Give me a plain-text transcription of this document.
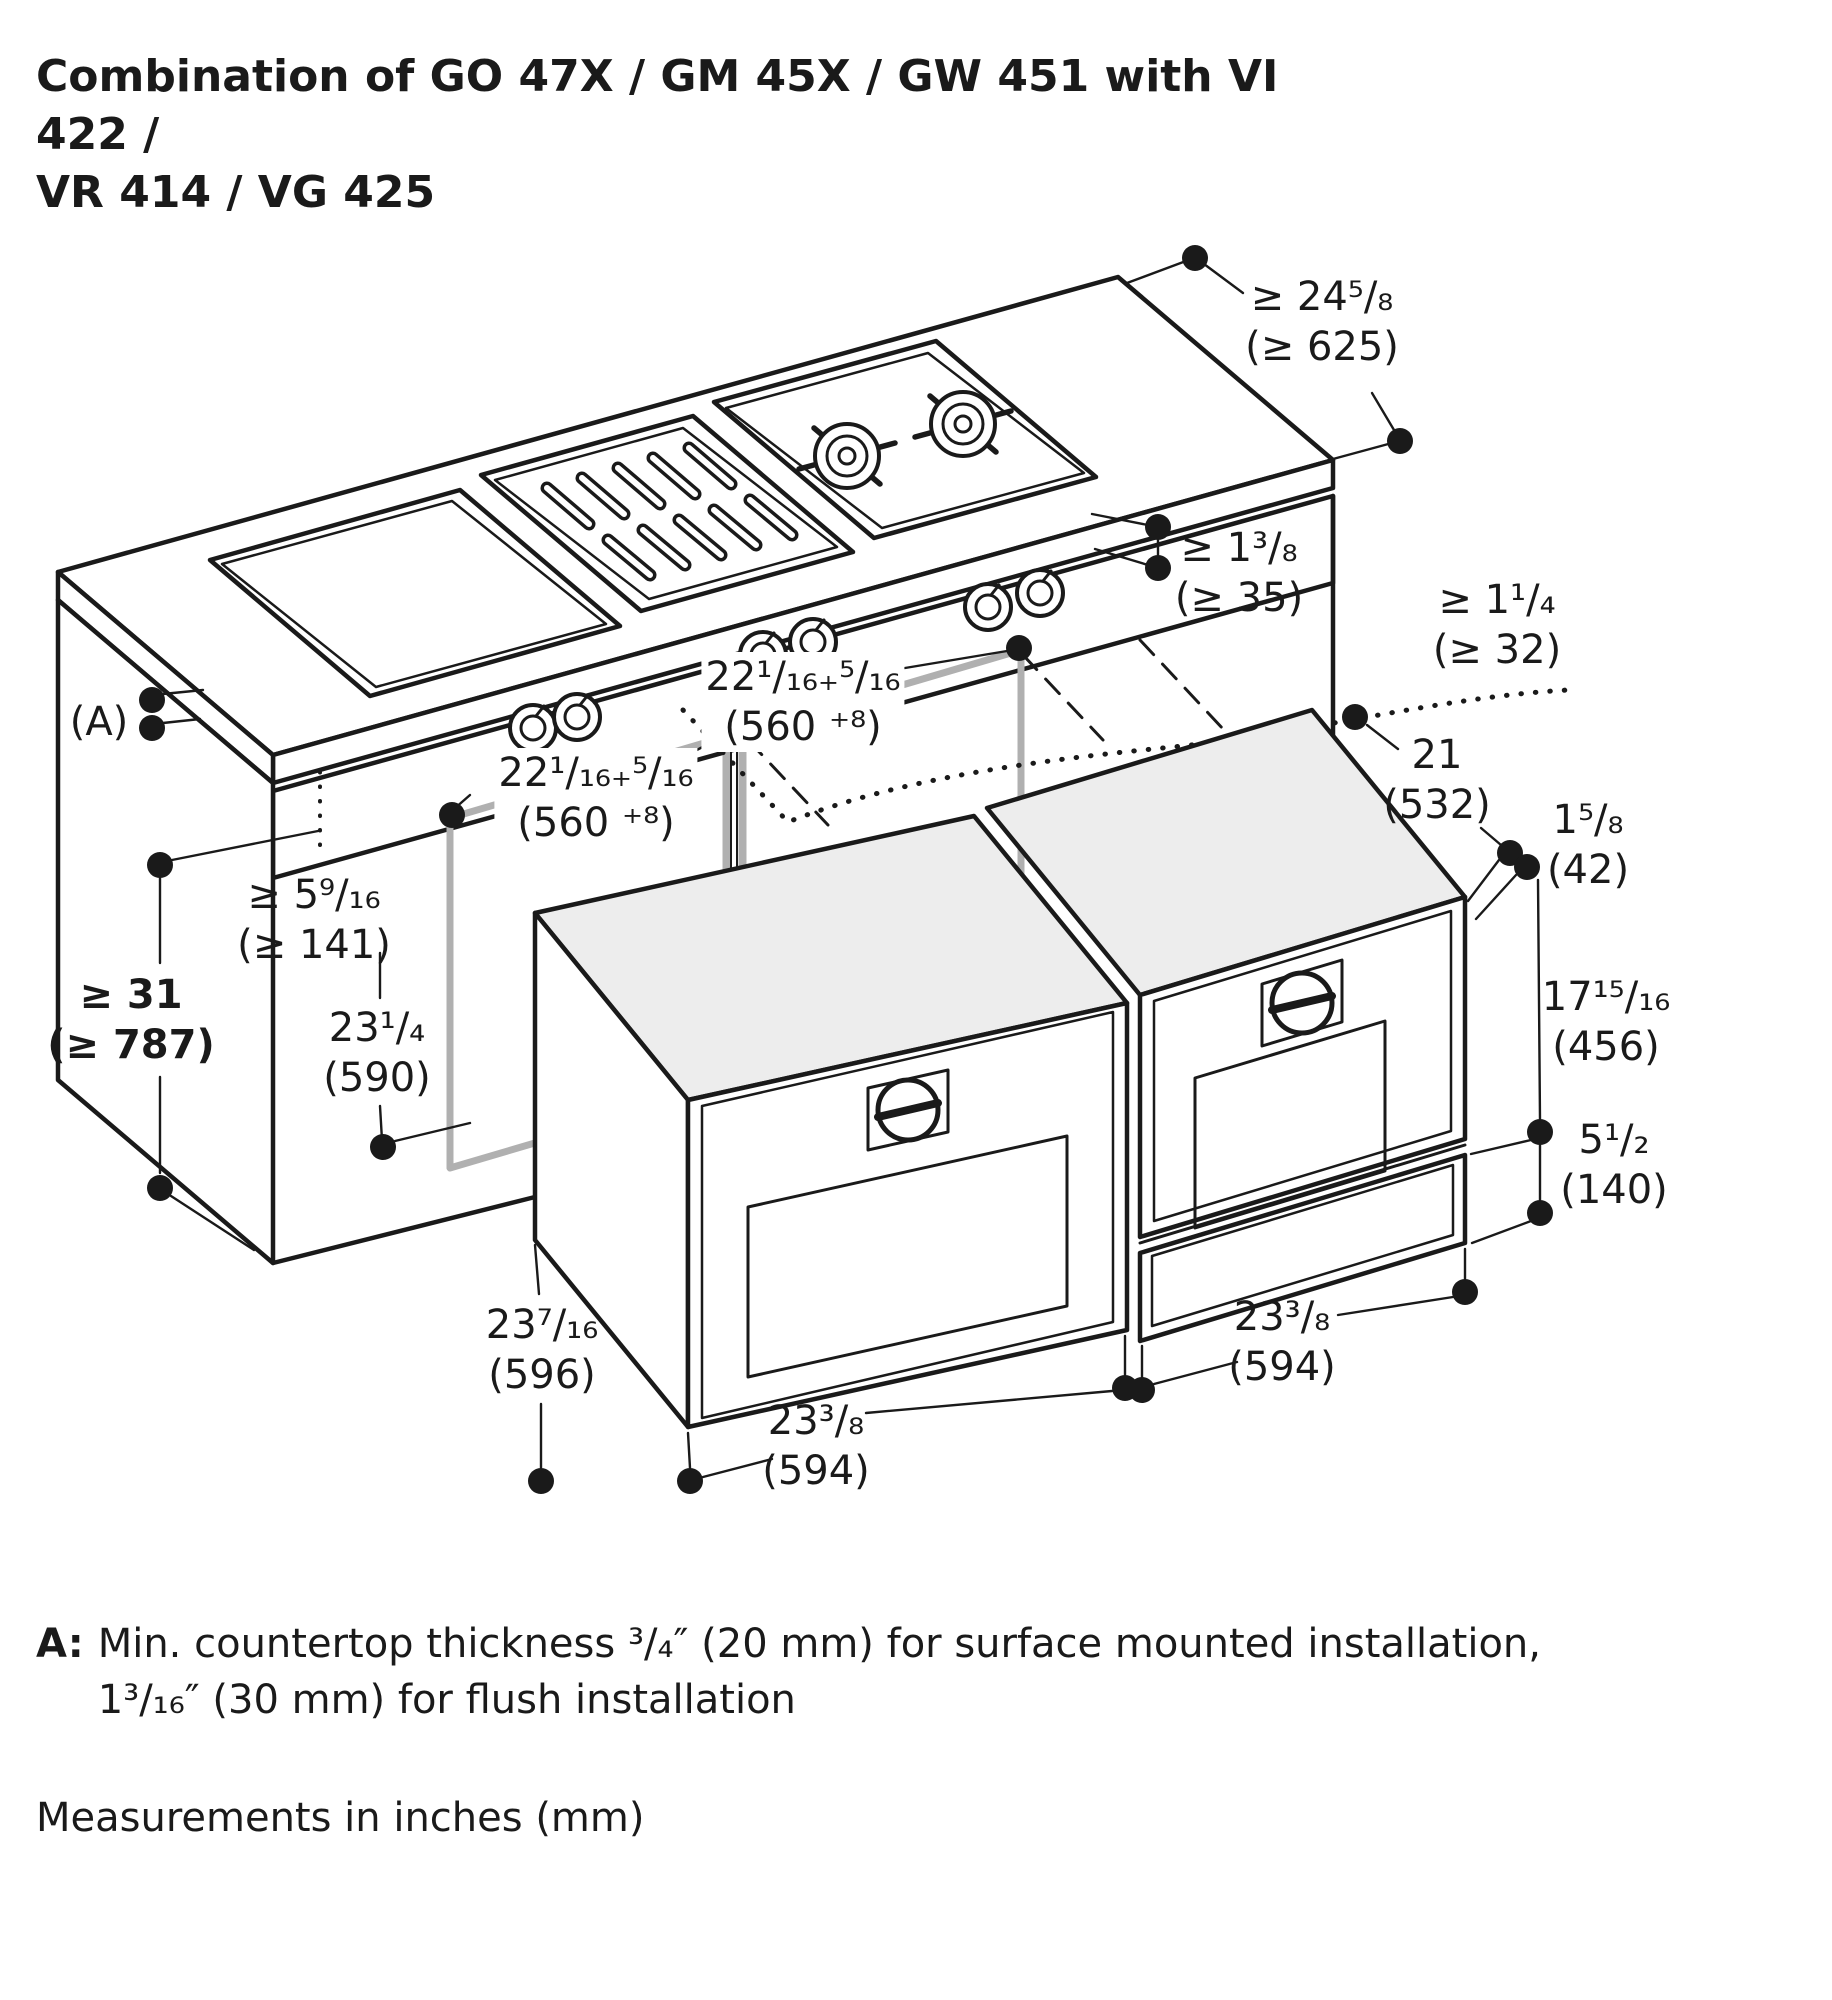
Combination of GO 47X / GM 45X / GW 451 with VI 422 /
VR 414 / VG 425
≥ 24⁵/₈
(≥ 625)
≥ 1³/₈
(≥ 35)	≥ 1¹/₄
(≥ 32)
21
(532) 1⁵/₈
(42)
17¹⁵/₁₆
(456)
5¹/₂
(140)
22¹/₁₆₊⁵/₁₆
(560 ⁺⁸)
22¹/₁₆₊⁵/₁₆
(560 ⁺⁸)
(A)
≥ 5⁹/₁₆
(≥ 141)
≥ 31
(≥ 787)	23¹/₄
(590)
23⁷/₁₆
(596)
23³/₈
(594)
23³/₈
(594)
A: Min. countertop thickness ³/₄″ (20 mm) for surface mounted installation,
1³/₁₆″ (30 mm) for flush installation
Measurements in inches (mm)
